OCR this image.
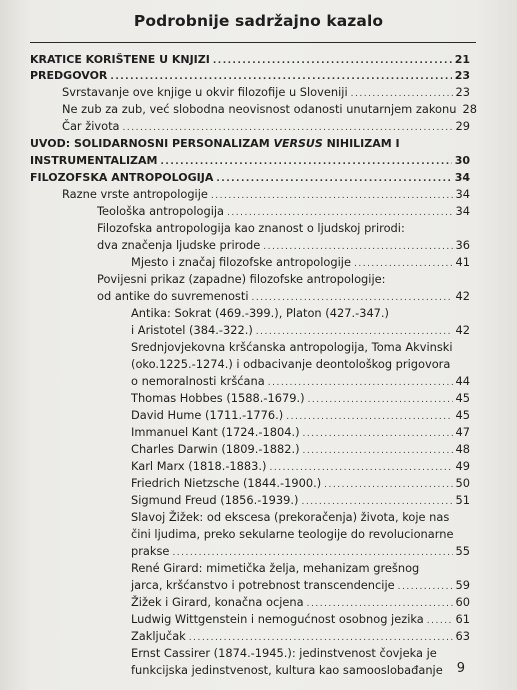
Podrobnije sadržajno kazalo
KRATICE KORIŠTENE U KNJIZI .....	21
PREDGOVOR .....	23
Svrstavanje ove knjige u okvir filozofije u Sloveniji .....	23
Ne zub za zub, već slobodna neovisnost odanosti unutarnjem zakonu 28
Čar života .....	29
UVOD: SOLIDARNOSNI PERSONALIZAM VERSUS NIHILIZAM I
INSTRUMENTALIZAM .....	30
FILOZOFSKA ANTROPOLOGIJA .....	34
Razne vrste antropologije .....	34
Teološka antropologija .....	34
Filozofska antropologija kao znanost o ljudskoj prirodi:
dva značenja ljudske prirode .....	36
Mjesto i značaj filozofske antropologije .....	41
Povijesni prikaz (zapadne) filozofske antropologije:
od antike do suvremenosti .....	42
Antika: Sokrat (469.-399.), Platon (427.-347.)
i Aristotel (384.-322.) .....	42
Srednjovjekovna kršćanska antropologija, Toma Akvinski
(oko.1225.-1274.) i odbacivanje deontološkog prigovora
o nemoralnosti kršćana .....	44
Thomas Hobbes (1588.-1679.) .....	45
David Hume (1711.-1776.) .....	45
Immanuel Kant (1724.-1804.) .....	47
Charles Darwin (1809.-1882.) .....	48
Karl Marx (1818.-1883.) .....	49
Friedrich Nietzsche (1844.-1900.) .....	50
Sigmund Freud (1856.-1939.) .....	51
Slavoj Žižek: od ekscesa (prekoračenja) života, koje nas
čini ljudima, preko sekularne teologije do revolucionarne
prakse .....	55
René Girard: mimetička želja, mehanizam grešnog
jarca, kršćanstvo i potrebnost transcendencije .....	59
Žižek i Girard, konačna ocjena .....	60
Ludwig Wittgenstein i nemogućnost osobnog jezika .....	61
Zaključak .....	63
Ernst Cassirer (1874.-1945.): jedinstvenost čovjeka je
funkcijska jedinstvenost, kultura kao samooslobađanje 9
